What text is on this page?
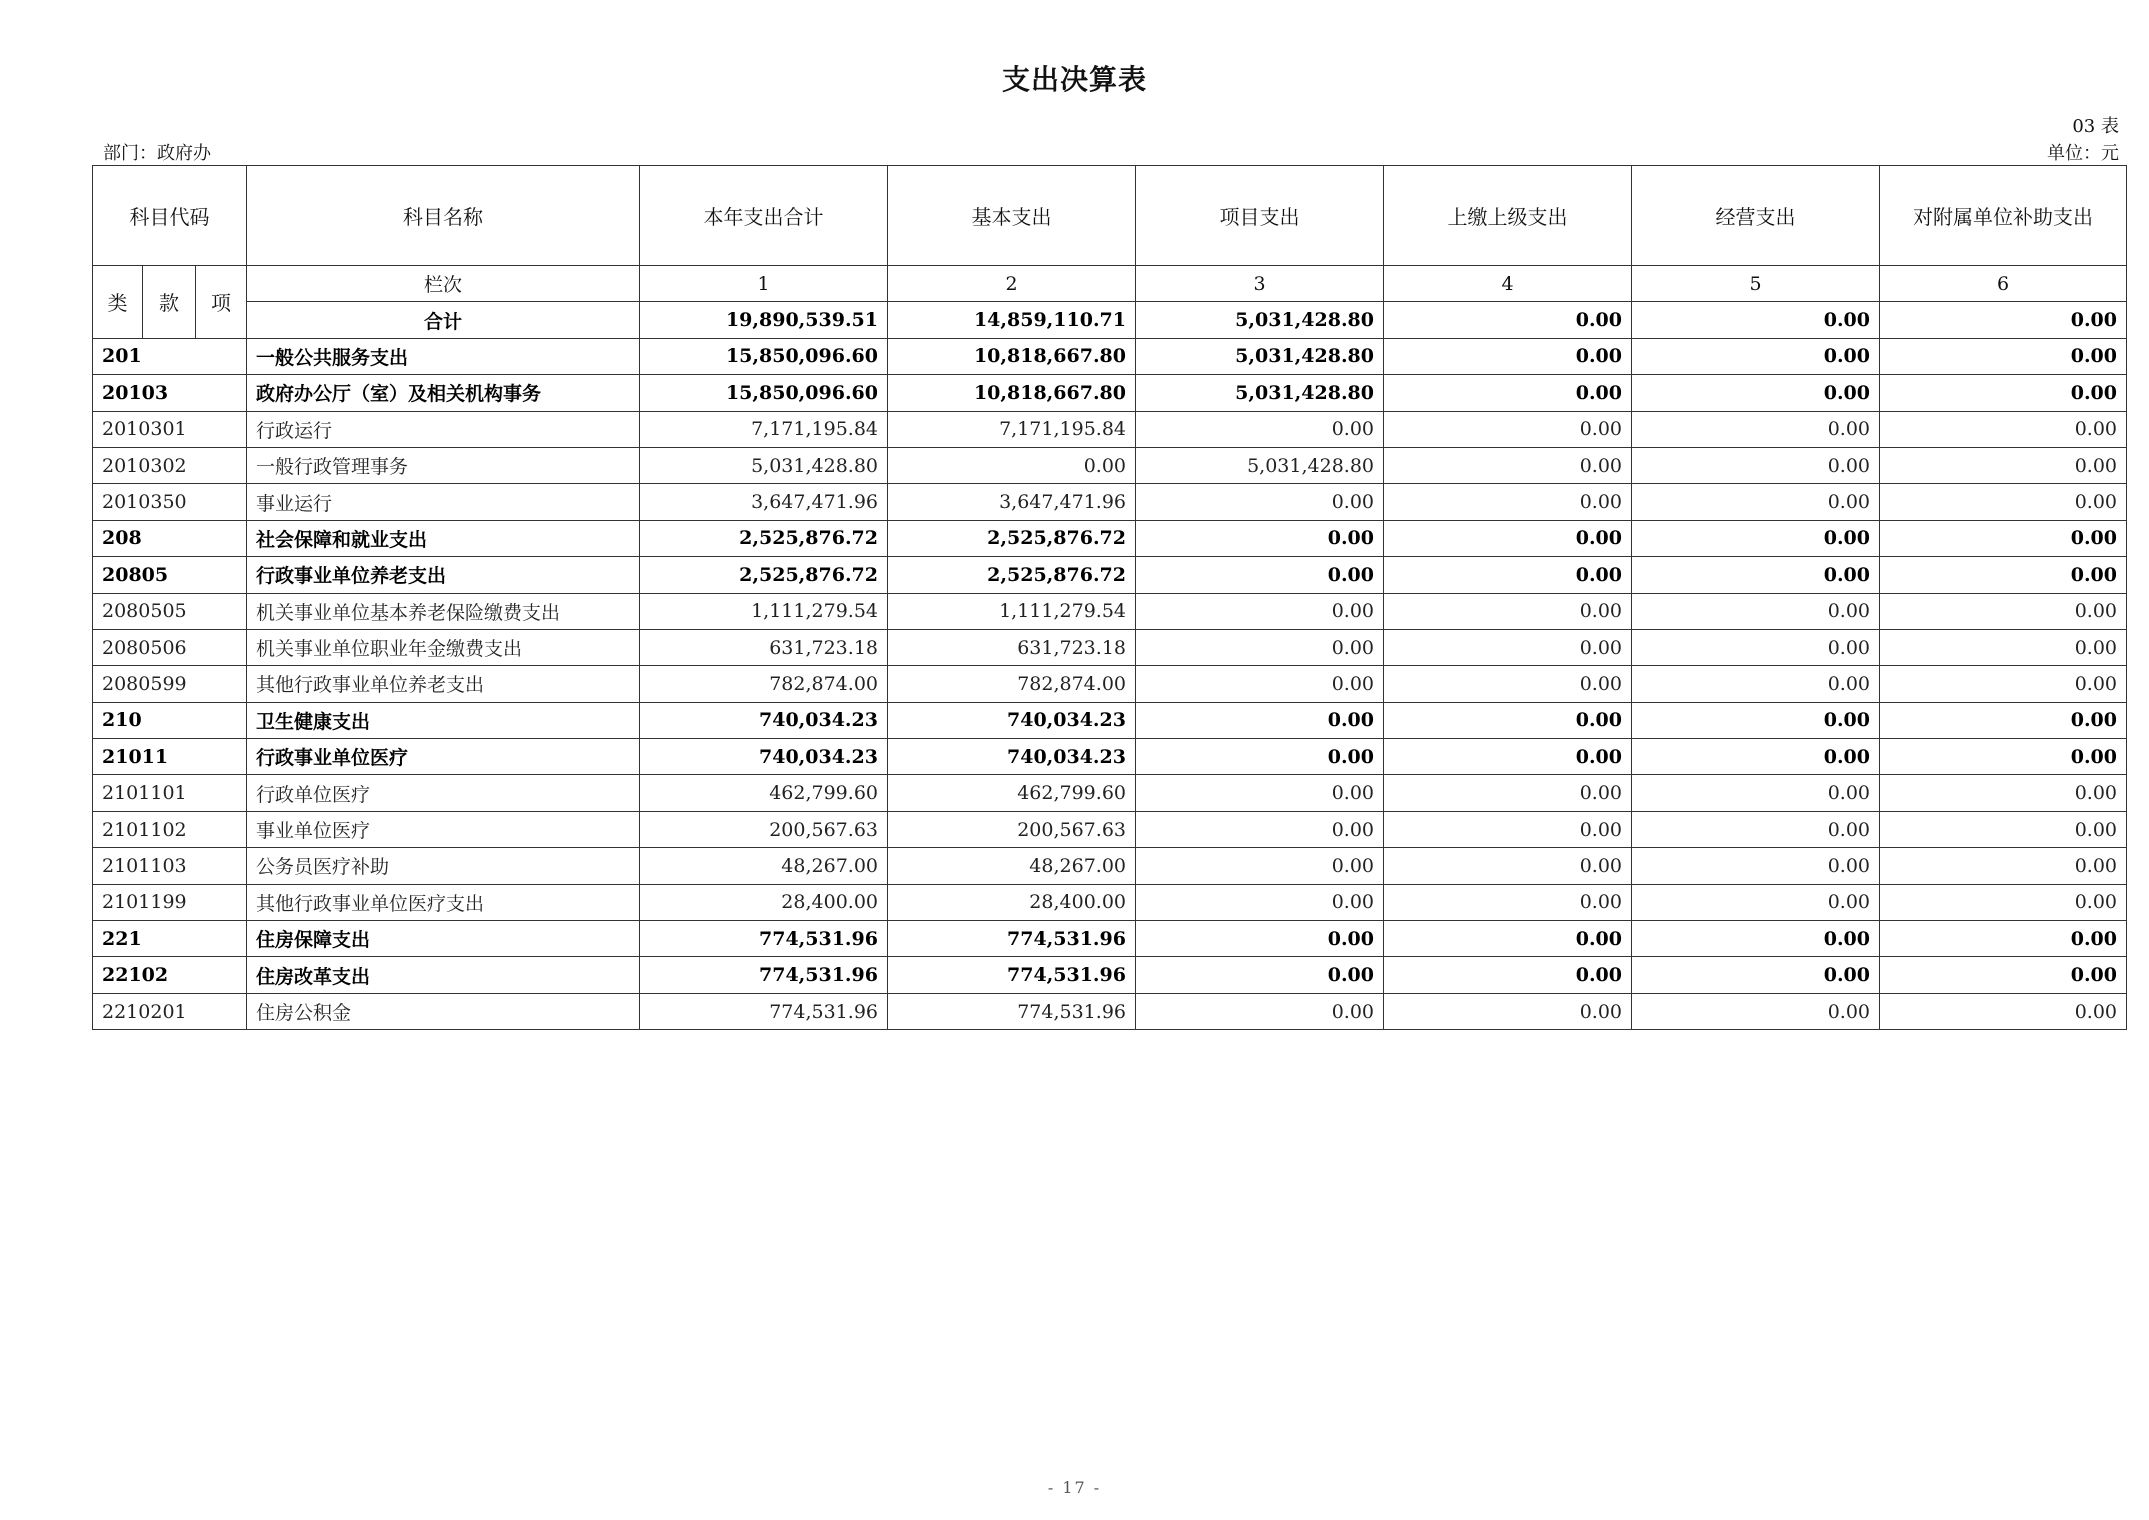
支出决算表
03 表
部门：政府办	单位：元
科目代码			科目名称	本年支出合计	基本支出	项目支出	上缴上级支出	经营支出	对附属单位补助支出
类	款	项	栏次	1	2	3	4	5	6
			合计	19,890,539.51	14,859,110.71	5,031,428.80	0.00	0.00	0.00
201			一般公共服务支出	15,850,096.60	10,818,667.80	5,031,428.80	0.00	0.00	0.00
20103			政府办公厅（室）及相关机构事务	15,850,096.60	10,818,667.80	5,031,428.80	0.00	0.00	0.00
2010301			行政运行	7,171,195.84	7,171,195.84	0.00	0.00	0.00	0.00
2010302			一般行政管理事务	5,031,428.80	0.00	5,031,428.80	0.00	0.00	0.00
2010350			事业运行	3,647,471.96	3,647,471.96	0.00	0.00	0.00	0.00
208			社会保障和就业支出	2,525,876.72	2,525,876.72	0.00	0.00	0.00	0.00
20805			行政事业单位养老支出	2,525,876.72	2,525,876.72	0.00	0.00	0.00	0.00
2080505			机关事业单位基本养老保险缴费支出	1,111,279.54	1,111,279.54	0.00	0.00	0.00	0.00
2080506			机关事业单位职业年金缴费支出	631,723.18	631,723.18	0.00	0.00	0.00	0.00
2080599			其他行政事业单位养老支出	782,874.00	782,874.00	0.00	0.00	0.00	0.00
210			卫生健康支出	740,034.23	740,034.23	0.00	0.00	0.00	0.00
21011			行政事业单位医疗	740,034.23	740,034.23	0.00	0.00	0.00	0.00
2101101			行政单位医疗	462,799.60	462,799.60	0.00	0.00	0.00	0.00
2101102			事业单位医疗	200,567.63	200,567.63	0.00	0.00	0.00	0.00
2101103			公务员医疗补助	48,267.00	48,267.00	0.00	0.00	0.00	0.00
2101199			其他行政事业单位医疗支出	28,400.00	28,400.00	0.00	0.00	0.00	0.00
221			住房保障支出	774,531.96	774,531.96	0.00	0.00	0.00	0.00
22102			住房改革支出	774,531.96	774,531.96	0.00	0.00	0.00	0.00
2210201			住房公积金	774,531.96	774,531.96	0.00	0.00	0.00	0.00
- 17 -
